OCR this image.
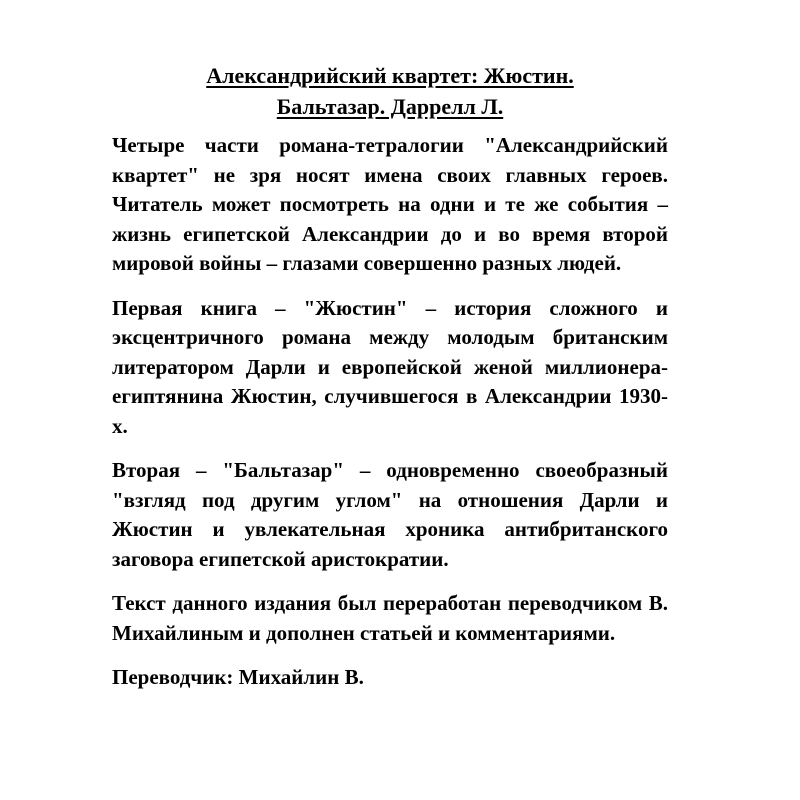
Александрийский квартет: Жюстин.
Бальтазар. Даррелл Л.

Четыре части романа-тетралогии "Александрийский квартет" не зря носят имена своих главных героев. Читатель может посмотреть на одни и те же события – жизнь египетской Александрии до и во время второй мировой войны – глазами совершенно разных людей.

Первая книга – "Жюстин" – история сложного и эксцентричного романа между молодым британским литератором Дарли и европейской женой миллионера-египтянина Жюстин, случившегося в Александрии 1930-х.

Вторая – "Бальтазар" – одновременно своеобразный "взгляд под другим углом" на отношения Дарли и Жюстин и увлекательная хроника антибританского заговора египетской аристократии.

Текст данного издания был переработан переводчиком В. Михайлиным и дополнен статьей и комментариями.

Переводчик: Михайлин В.
